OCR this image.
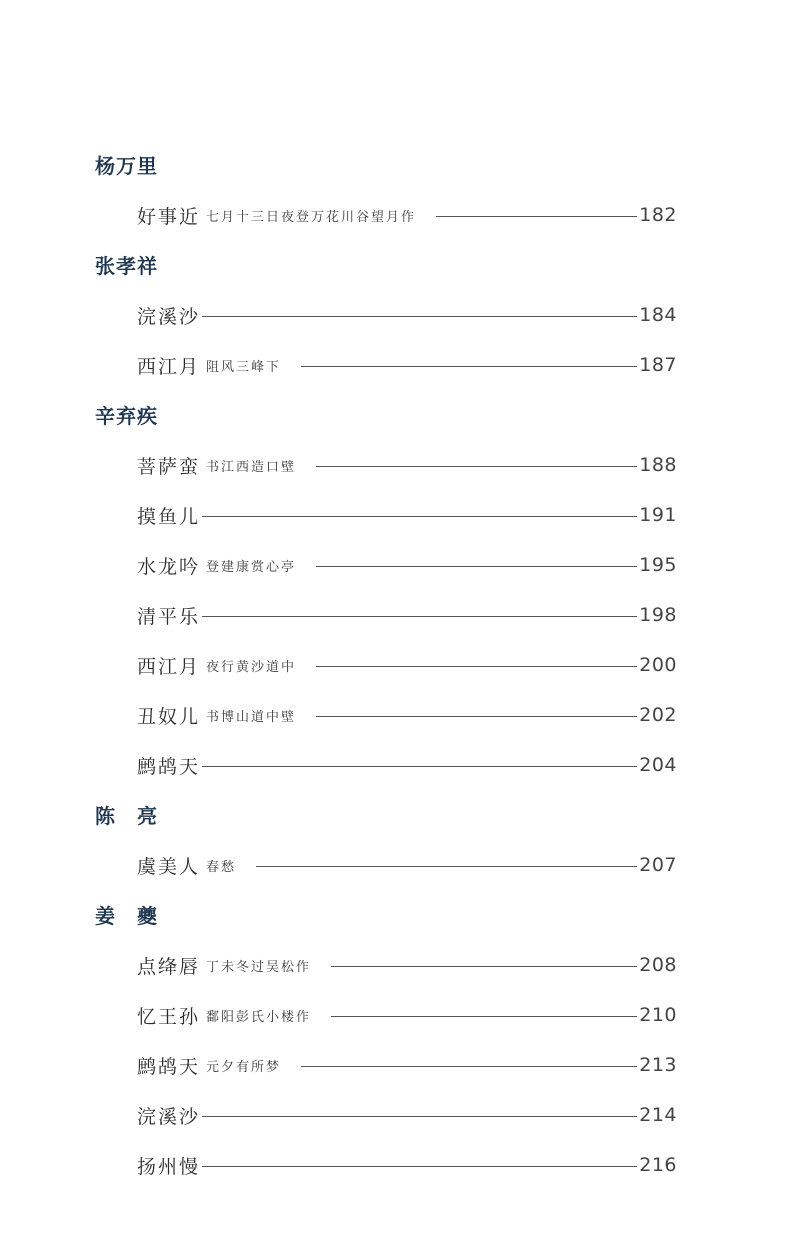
杨万里
好事近 七月十三日夜登万花川谷望月作	182
张孝祥
浣溪沙	184
西江月 阻风三峰下	187
辛弃疾
菩萨蛮 书江西造口壁	188
摸鱼儿	191
水龙吟 登建康赏心亭	195
清平乐	198
西江月 夜行黄沙道中	200
丑奴儿 书博山道中壁	202
鹧鸪天	204
陈　亮
虞美人 春愁	207
姜　夔
点绛唇 丁未冬过吴松作	208
忆王孙 鄱阳彭氏小楼作	210
鹧鸪天 元夕有所梦	213
浣溪沙	214
扬州慢	216
